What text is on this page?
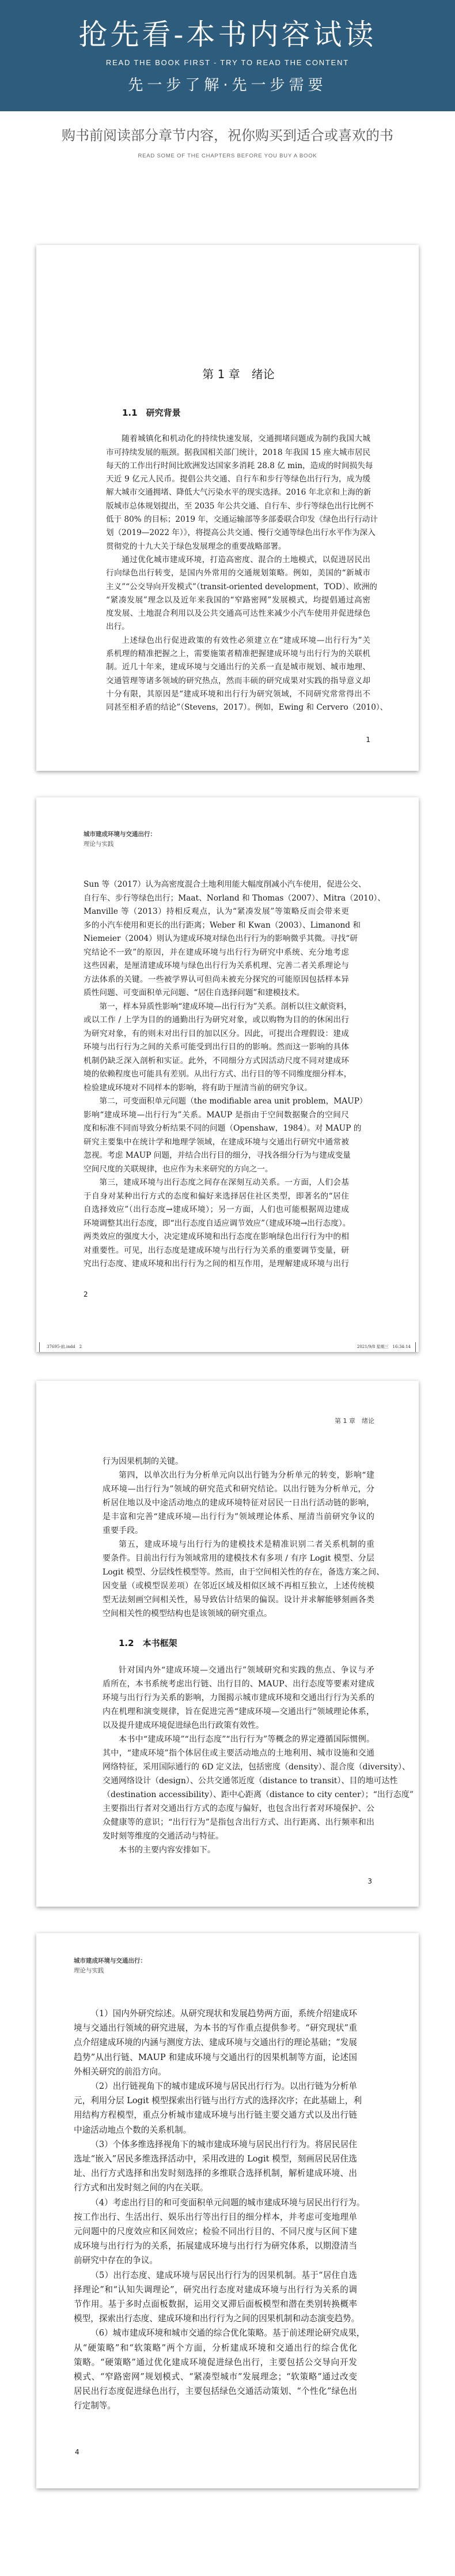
抢先看-本书内容试读
READ THE BOOK FIRST - TRY TO READ THE CONTENT
先一步了解·先一步需要
购书前阅读部分章节内容，祝你购买到适合或喜欢的书
READ SOME OF THE CHAPTERS BEFORE YOU BUY A BOOK
第 1 章　绪论
1.1　研究背景
随着城镇化和机动化的持续快速发展，交通拥堵问题成为制约我国大城
市可持续发展的瓶颈。据我国相关部门统计，2018 年我国 15 座大城市居民
每天的工作出行时间比欧洲发达国家多消耗 28.8 亿 min，造成的时间损失每
天近 9 亿元人民币。提倡公共交通、自行车和步行等绿色出行行为，成为缓
解大城市交通拥堵、降低大气污染水平的现实选择。2016 年北京和上海的新
版城市总体规划提出，至 2035 年公共交通、自行车、步行等绿色出行比例不
低于 80% 的目标；2019 年，交通运输部等多部委联合印发《绿色出行行动计
划（2019—2022 年）》，将提高公共交通、慢行交通等绿色出行水平作为深入
贯彻党的十九大关于绿色发展理念的重要战略部署。
通过优化城市建成环境，打造高密度、混合的土地模式，以促进居民出
行向绿色出行转变，是国内外常用的交通规划策略。例如，美国的“新城市
主义”“公交导向开发模式”（transit-oriented development，TOD）、欧洲的
“紧凑发展”理念以及近年来我国的“窄路密网”发展模式，均提倡通过高密
度发展、土地混合利用以及公共交通高可达性来减少小汽车使用并促进绿色
出行。
上述绿色出行促进政策的有效性必须建立在“建成环境—出行行为”关
系机理的精准把握之上，需要施策者精准把握建成环境与出行行为的关联机
制。近几十年来，建成环境与交通出行的关系一直是城市规划、城市地理、
交通管理等诸多领域的研究热点，然而丰硕的研究成果对实践的指导意义却
十分有限，其原因是“建成环境和出行行为研究领域，不同研究常常得出不
同甚至相矛盾的结论”（Stevens，2017）。例如，Ewing 和 Cervero（2010）、
1
城市建成环境与交通出行：
理论与实践
Sun 等（2017）认为高密度混合土地利用能大幅度削减小汽车使用，促进公交、
自行车、步行等绿色出行；Maat、Norland 和 Thomas（2007）、Mitra（2010）、
Manville 等（2013）持相反观点，认为“紧凑发展”等策略反而会带来更
多的小汽车使用和更长的出行距离；Weber 和 Kwan（2003）、Limanond 和
Niemeier（2004）则认为建成环境对绿色出行行为的影响微乎其微。寻找“研
究结论不一致”的原因，并在建成环境与出行行为研究中系统、充分地考虑
这些因素，是厘清建成环境与绿色出行行为关系机理、完善二者关系理论与
方法体系的关键。一些被学界认可但尚未被充分探究的可能原因包括样本异
质性问题、可变面积单元问题、“居住自选择问题”和建模技术。
第一，样本异质性影响“建成环境—出行行为”关系。剖析以往文献资料，
或以工作 / 上学为目的的通勤出行为研究对象，或以购物为目的的休闲出行
为研究对象，有的则未对出行目的加以区分。因此，可提出合理假设：建成
环境与出行行为之间的关系可能受到出行目的的影响。然而这一影响的具体
机制仍缺乏深入剖析和实证。此外，不同细分方式因活动尺度不同对建成环
境的依赖程度也可能具有差别。从出行方式、出行目的等不同维度细分样本，
检验建成环境对不同样本的影响，将有助于厘清当前的研究争议。
第二，可变面积单元问题（the modifiable area unit problem，MAUP）
影响“建成环境—出行行为”关系。MAUP 是指由于空间数据聚合的空间尺
度和标准不同而导致分析结果不同的问题（Openshaw，1984）。对 MAUP 的
研究主要集中在统计学和地理学领域，在建成环境与交通出行研究中通常被
忽视。考虑 MAUP 问题，并结合出行目的细分，寻找各细分行为与建成变量
空间尺度的关联规律，也应作为未来研究的方向之一。
第三，建成环境与出行态度之间存在深刻互动关系。一方面，人们会基
于自身对某种出行方式的态度和偏好来选择居住社区类型，即著名的“居住
自选择效应”（出行态度→建成环境）；另一方面，人们也可能根据周边建成
环境调整其出行态度，即“出行态度自适应调节效应”（建成环境→出行态度）。
两类效应的强度大小，决定建成环境和出行态度在影响绿色出行行为中的相
对重要性。可见，出行态度是建成环境与出行行为关系的重要调节变量，研
究出行态度、建成环境和出行行为之间的相互作用，是理解建成环境与出行
2
37695-前.indd　2	2021/9/8 星期三　16:34:14
第 1 章　绪论
行为因果机制的关键。
第四，以单次出行为分析单元向以出行链为分析单元的转变，影响“建
成环境—出行行为”领域的研究范式和研究结论。以出行链为分析单元，分
析居住地以及中途活动地点的建成环境特征对居民一日出行活动链的影响，
是丰富和完善“建成环境—出行行为”领域理论体系、厘清当前研究争议的
重要手段。
第五，建成环境与出行行为的建模技术是精准识别二者关系机制的重
要条件。目前出行行为领域常用的建模技术有多项 / 有序 Logit 模型、分层
Logit 模型、分层线性模型等。然而，由于空间相关性的存在，备选方案之间、
因变量（或模型误差项）在邻近区域及相似区域不再相互独立，上述传统模
型无法刻画空间相关性，易导致估计结果的偏误。设计并求解能够刻画各类
空间相关性的模型结构也是该领域的研究重点。
1.2　本书框架
针对国内外“建成环境—交通出行”领域研究和实践的焦点、争议与矛
盾所在，本书系统考虑出行链、出行目的、MAUP、出行态度等要素对建成
环境与出行行为关系的影响，力图揭示城市建成环境和交通出行行为关系的
内在机理和演变规律，旨在促进完善“建成环境—交通出行”领域理论体系，
以及提升建成环境促进绿色出行政策有效性。
本书中“建成环境”“出行态度”“出行行为”等概念的界定遵循国际惯例。
其中，“建成环境”指个体居住或主要活动地点的土地利用、城市设施和交通
网络特征，采用国际通行的 6D 定义法，包括密度（density）、混合度（diversity）、
交通网络设计（design）、公共交通邻近度（distance to transit）、目的地可达性
（destination accessibility）、距中心距离（distance to city center）；“出行态度”
主要指出行者对交通出行方式的态度与偏好，也包含出行者对环境保护、公
众健康等的意识；“出行行为”是指包含出行方式、出行距离、出行频率和出
发时刻等维度的交通活动与特征。
本书的主要内容安排如下。
3
城市建成环境与交通出行：
理论与实践
（1）国内外研究综述。从研究现状和发展趋势两方面，系统介绍建成环
境与交通出行领域的研究进展，为本书的写作重点提供参考。“研究现状”重
点介绍建成环境的内涵与测度方法、建成环境与交通出行的理论基础；“发展
趋势”从出行链、MAUP 和建成环境与交通出行的因果机制等方面，论述国
外相关研究的前沿方向。
（2）出行链视角下的城市建成环境与居民出行行为。以出行链为分析单
元，利用分层 Logit 模型探索出行链与出行方式的选择次序；在此基础上，利
用结构方程模型，重点分析城市建成环境与出行链主要交通方式以及出行链
中途活动地点个数的关系机制。
（3）个体多维选择视角下的城市建成环境与居民出行行为。将居民居住
选址“嵌入”居民多维选择活动中，采用改进的 Logit 模型，刻画居民居住选
址、出行方式选择和出发时刻选择的多维联合选择机制，解析建成环境、出
行方式和出发时刻之间的内在关联。
（4）考虑出行目的和可变面积单元问题的城市建成环境与居民出行行为。
按工作出行、生活出行、娱乐出行等出行目的细分样本，并考虑可变地理单
元问题中的尺度效应和区间效应；检验不同出行目的、不同尺度与区间下建
成环境与出行行为的关系，拓展建成环境与出行行为研究体系，以期澄清当
前研究中存在的争议。
（5）出行态度、建成环境与居民出行行为的因果机制。基于“居住自选
择理论”和“认知失调理论”，研究出行态度对建成环境与出行行为关系的调
节作用。基于多时点面板数据，运用交叉滞后面板模型和潜在类别转换概率
模型，探索出行态度、建成环境和出行行为之间的因果机制和动态演变趋势。
（6）城市建成环境和城市交通的综合优化策略。基于前述理论研究成果，
从“硬策略”和“软策略”两个方面，分析建成环境和交通出行的综合优化
策略。“硬策略”通过优化建成环境促进绿色出行，主要包括公交导向开发
模式、“窄路密网”规划模式、“紧凑型城市”发展理念；“软策略”通过改变
居民出行态度促进绿色出行，主要包括绿色交通活动策划、“个性化”绿色出
行定制等。
4
